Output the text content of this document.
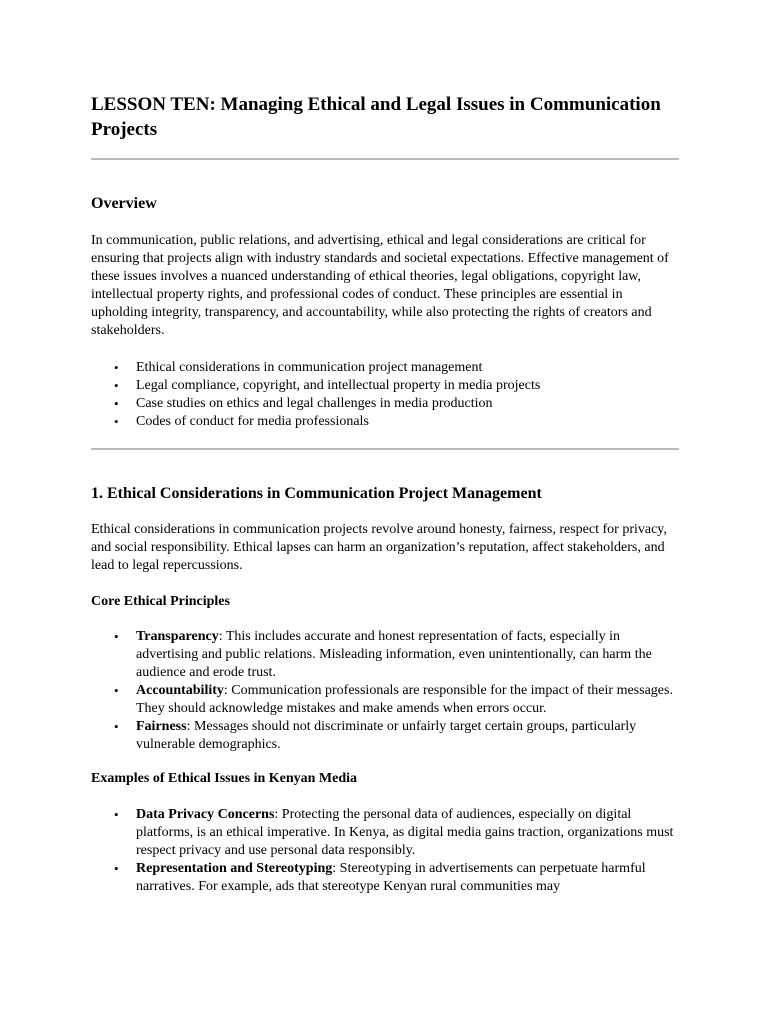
LESSON TEN: Managing Ethical and Legal Issues in Communication Projects
Overview

In communication, public relations, and advertising, ethical and legal considerations are critical for ensuring that projects align with industry standards and societal expectations. Effective management of these issues involves a nuanced understanding of ethical theories, legal obligations, copyright law, intellectual property rights, and professional codes of conduct. These principles are essential in upholding integrity, transparency, and accountability, while also protecting the rights of creators and stakeholders.

• Ethical considerations in communication project management
• Legal compliance, copyright, and intellectual property in media projects
• Case studies on ethics and legal challenges in media production
• Codes of conduct for media professionals
1. Ethical Considerations in Communication Project Management

Ethical considerations in communication projects revolve around honesty, fairness, respect for privacy, and social responsibility. Ethical lapses can harm an organization’s reputation, affect stakeholders, and lead to legal repercussions.

Core Ethical Principles
• Transparency: This includes accurate and honest representation of facts, especially in advertising and public relations. Misleading information, even unintentionally, can harm the audience and erode trust.
• Accountability: Communication professionals are responsible for the impact of their messages. They should acknowledge mistakes and make amends when errors occur.
• Fairness: Messages should not discriminate or unfairly target certain groups, particularly vulnerable demographics.
Examples of Ethical Issues in Kenyan Media
• Data Privacy Concerns: Protecting the personal data of audiences, especially on digital platforms, is an ethical imperative. In Kenya, as digital media gains traction, organizations must respect privacy and use personal data responsibly.
• Representation and Stereotyping: Stereotyping in advertisements can perpetuate harmful narratives. For example, ads that stereotype Kenyan rural communities may
